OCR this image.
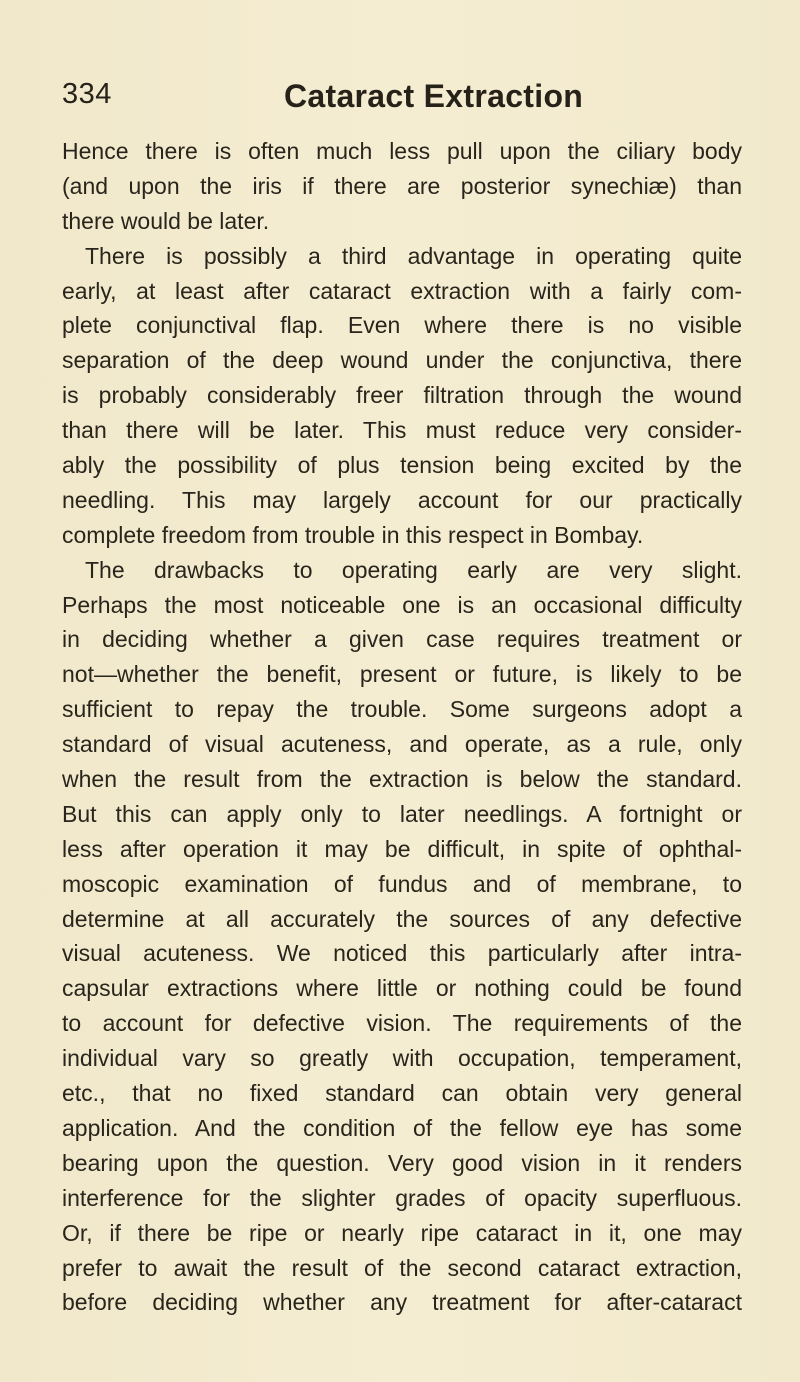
334	Cataract Extraction
Hence there is often much less pull upon the ciliary body
(and upon the iris if there are posterior synechiæ) than
there would be later.
There is possibly a third advantage in operating quite
early, at least after cataract extraction with a fairly com-
plete conjunctival flap. Even where there is no visible
separation of the deep wound under the conjunctiva, there
is probably considerably freer filtration through the wound
than there will be later. This must reduce very consider-
ably the possibility of plus tension being excited by the
needling. This may largely account for our practically
complete freedom from trouble in this respect in Bombay.
The drawbacks to operating early are very slight.
Perhaps the most noticeable one is an occasional difficulty
in deciding whether a given case requires treatment or
not—whether the benefit, present or future, is likely to be
sufficient to repay the trouble. Some surgeons adopt a
standard of visual acuteness, and operate, as a rule, only
when the result from the extraction is below the standard.
But this can apply only to later needlings. A fortnight or
less after operation it may be difficult, in spite of ophthal-
moscopic examination of fundus and of membrane, to
determine at all accurately the sources of any defective
visual acuteness. We noticed this particularly after intra-
capsular extractions where little or nothing could be found
to account for defective vision. The requirements of the
individual vary so greatly with occupation, temperament,
etc., that no fixed standard can obtain very general
application. And the condition of the fellow eye has some
bearing upon the question. Very good vision in it renders
interference for the slighter grades of opacity superfluous.
Or, if there be ripe or nearly ripe cataract in it, one may
prefer to await the result of the second cataract extraction,
before deciding whether any treatment for after-cataract
